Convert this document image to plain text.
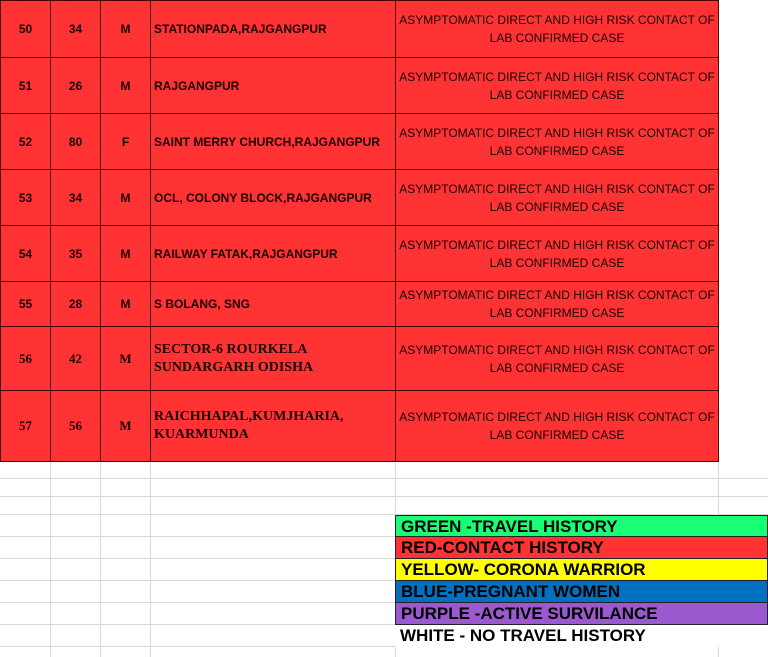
50	34	M	STATIONPADA,RAJGANGPUR	ASYMPTOMATIC DIRECT AND HIGH RISK CONTACT OF LAB CONFIRMED CASE
51	26	M	RAJGANGPUR	ASYMPTOMATIC DIRECT AND HIGH RISK CONTACT OF LAB CONFIRMED CASE
52	80	F	SAINT MERRY CHURCH,RAJGANGPUR	ASYMPTOMATIC DIRECT AND HIGH RISK CONTACT OF LAB CONFIRMED CASE
53	34	M	OCL, COLONY BLOCK,RAJGANGPUR	ASYMPTOMATIC DIRECT AND HIGH RISK CONTACT OF LAB CONFIRMED CASE
54	35	M	RAILWAY FATAK,RAJGANGPUR	ASYMPTOMATIC DIRECT AND HIGH RISK CONTACT OF LAB CONFIRMED CASE
55	28	M	S BOLANG, SNG	ASYMPTOMATIC DIRECT AND HIGH RISK CONTACT OF LAB CONFIRMED CASE
56	42	M	SECTOR-6 ROURKELA SUNDARGARH ODISHA	ASYMPTOMATIC DIRECT AND HIGH RISK CONTACT OF LAB CONFIRMED CASE
57	56	M	RAICHHAPAL,KUMJHARIA, KUARMUNDA	ASYMPTOMATIC DIRECT AND HIGH RISK CONTACT OF LAB CONFIRMED CASE
GREEN -TRAVEL HISTORY
RED-CONTACT HISTORY
YELLOW- CORONA WARRIOR
BLUE-PREGNANT WOMEN
PURPLE -ACTIVE SURVILANCE
WHITE - NO TRAVEL HISTORY
